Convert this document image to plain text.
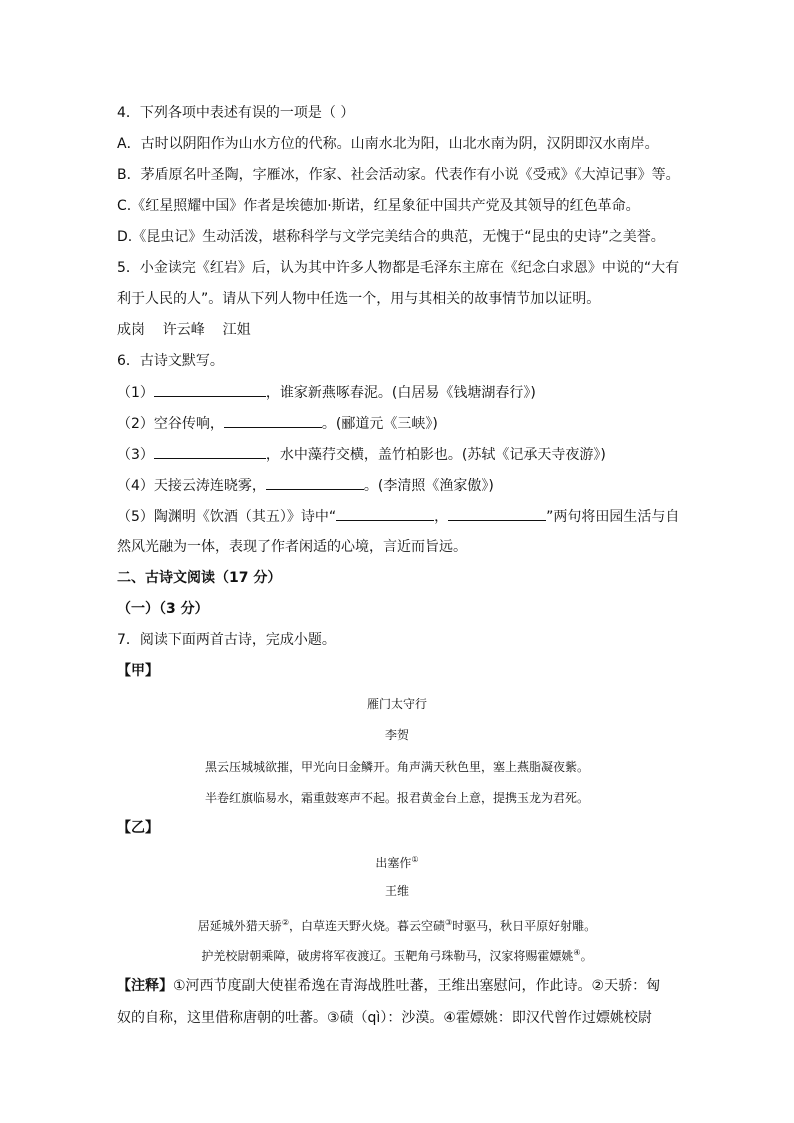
4．下列各项中表述有误的一项是（ ）
A．古时以阴阳作为山水方位的代称。山南水北为阳，山北水南为阴，汉阴即汉水南岸。
B．茅盾原名叶圣陶，字雁冰，作家、社会活动家。代表作有小说《受戒》《大淖记事》等。
C.《红星照耀中国》作者是埃德加·斯诺，红星象征中国共产党及其领导的红色革命。
D.《昆虫记》生动活泼，堪称科学与文学完美结合的典范，无愧于“昆虫的史诗”之美誉。
5．小金读完《红岩》后，认为其中许多人物都是毛泽东主席在《纪念白求恩》中说的“大有
利于人民的人”。请从下列人物中任选一个，用与其相关的故事情节加以证明。
成岗    许云峰    江姐
6．古诗文默写。
（1）	，谁家新燕啄春泥。(白居易《钱塘湖春行》)
（2）空谷传响，	。(郦道元《三峡》)
（3）	，水中藻荇交横，盖竹柏影也。(苏轼《记承天寺夜游》)
（4）天接云涛连晓雾，	。(李清照《渔家傲》)
（5）陶渊明《饮酒（其五）》诗中“	，	”两句将田园生活与自
然风光融为一体，表现了作者闲适的心境，言近而旨远。
二、古诗文阅读（17 分）
（一）（3 分）
7．阅读下面两首古诗，完成小题。
【甲】
雁门太守行
李贺
黑云压城城欲摧，甲光向日金鳞开。角声满天秋色里，塞上燕脂凝夜紫。
半卷红旗临易水，霜重鼓寒声不起。报君黄金台上意，提携玉龙为君死。
【乙】
出塞作①
王维
居延城外猎天骄②，白草连天野火烧。暮云空碛③时驱马，秋日平原好射雕。
护羌校尉朝乘障，破虏将军夜渡辽。玉靶角弓珠勒马，汉家将赐霍嫖姚④。
【注释】①河西节度副大使崔希逸在青海战胜吐蕃，王维出塞慰问，作此诗。②天骄：匈
奴的自称，这里借称唐朝的吐蕃。③碛（qì）：沙漠。④霍嫖姚：即汉代曾作过嫖姚校尉
